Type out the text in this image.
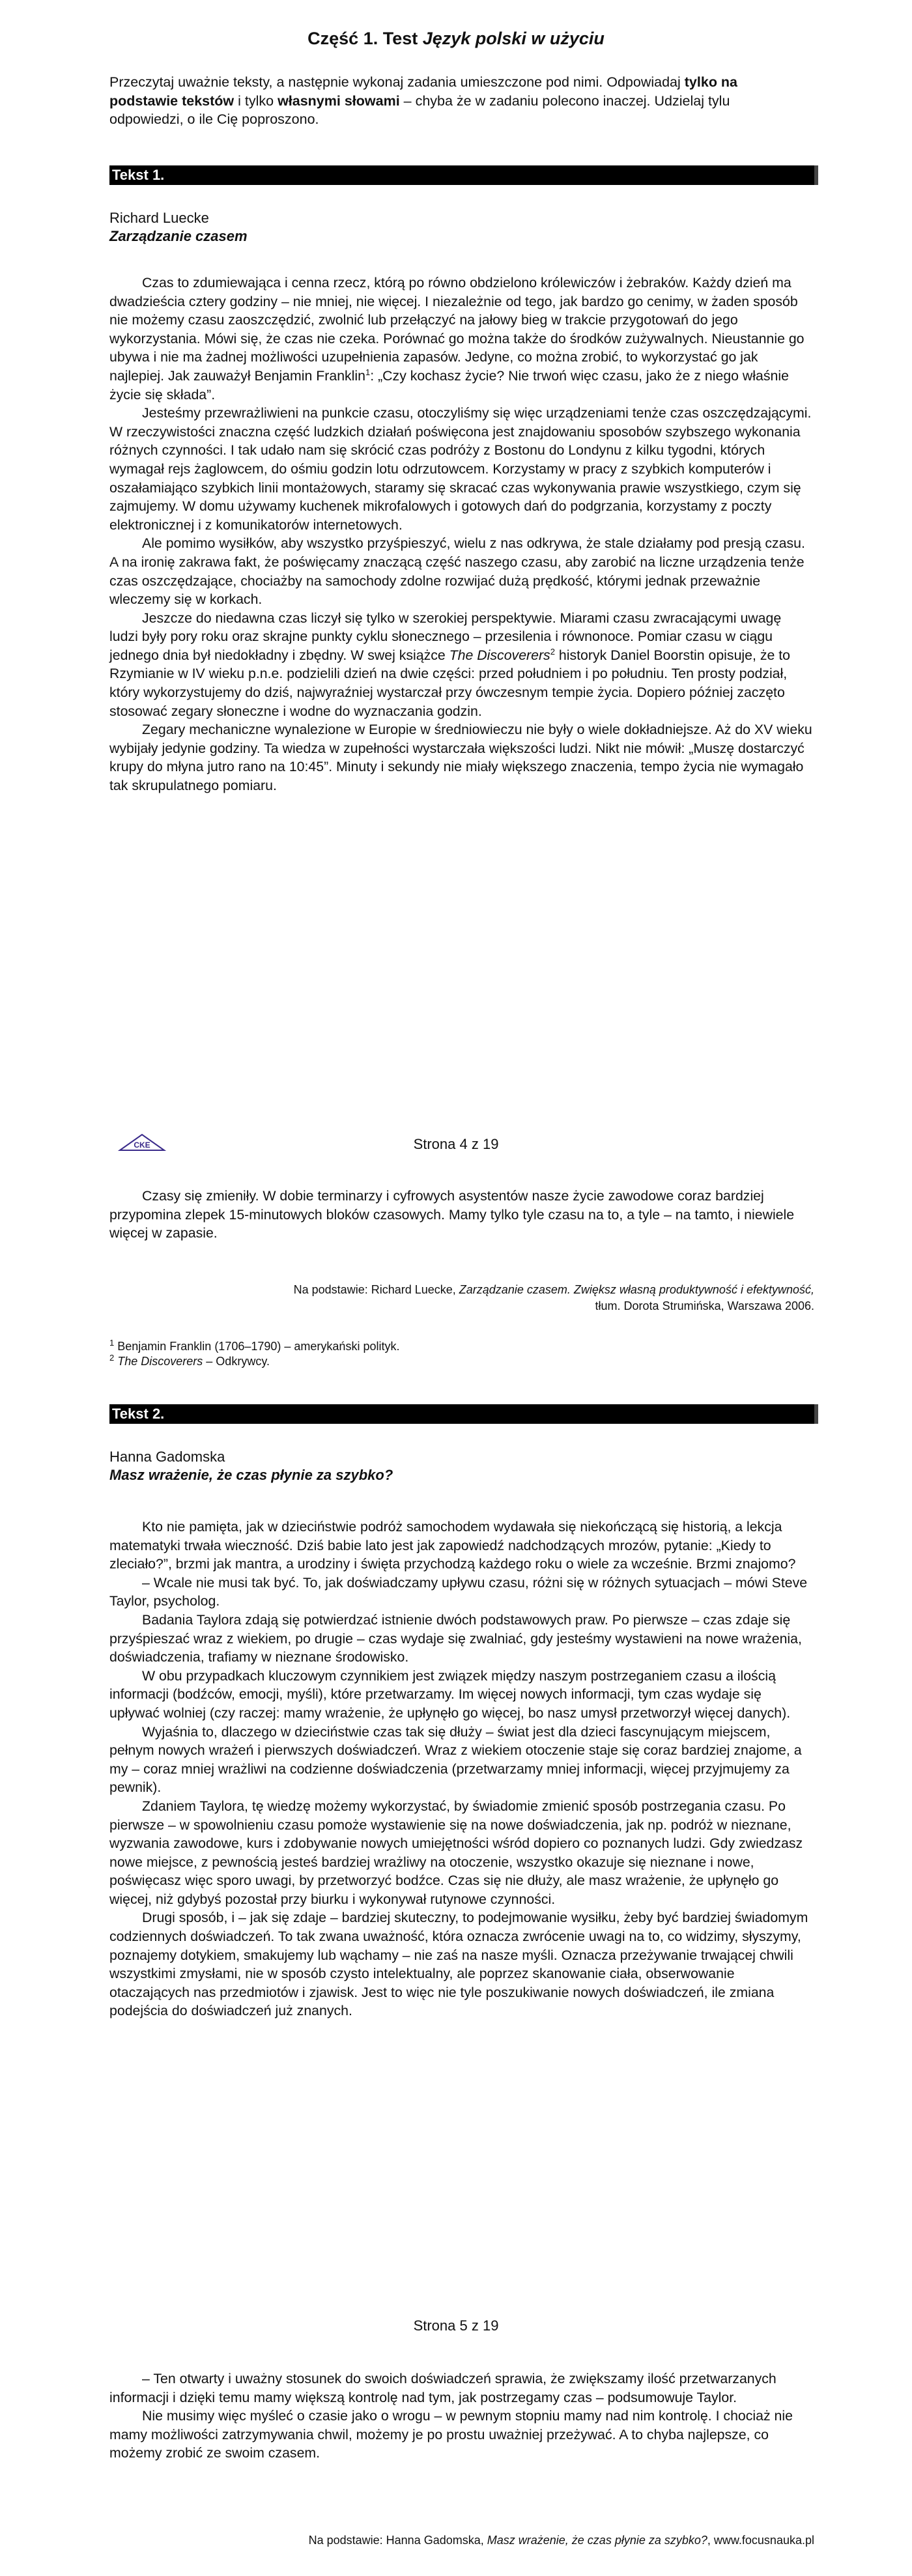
Część 1. Test Język polski w użyciu
Przeczytaj uważnie teksty, a następnie wykonaj zadania umieszczone pod nimi. Odpowiadaj tylko na podstawie tekstów i tylko własnymi słowami – chyba że w zadaniu polecono inaczej. Udzielaj tylu odpowiedzi, o ile Cię poproszono.
Tekst 1.
Richard Luecke
Zarządzanie czasem

Czas to zdumiewająca i cenna rzecz, którą po równo obdzielono królewiczów i żebraków. Każdy dzień ma dwadzieścia cztery godziny – nie mniej, nie więcej. I niezależnie od tego, jak bardzo go cenimy, w żaden sposób nie możemy czasu zaoszczędzić, zwolnić lub przełączyć na jałowy bieg w trakcie przygotowań do jego wykorzystania. Mówi się, że czas nie czeka. Porównać go można także do środków zużywalnych. Nieustannie go ubywa i nie ma żadnej możliwości uzupełnienia zapasów. Jedyne, co można zrobić, to wykorzystać go jak najlepiej. Jak zauważył Benjamin Franklin$^1$: „Czy kochasz życie? Nie trwoń więc czasu, jako że z niego właśnie życie się składa”.

Jesteśmy przewrażliwieni na punkcie czasu, otoczyliśmy się więc urządzeniami tenże czas oszczędzającymi. W rzeczywistości znaczna część ludzkich działań poświęcona jest znajdowaniu sposobów szybszego wykonania różnych czynności. I tak udało nam się skrócić czas podróży z Bostonu do Londynu z kilku tygodni, których wymagał rejs żaglowcem, do ośmiu godzin lotu odrzutowcem. Korzystamy w pracy z szybkich komputerów i oszałamiająco szybkich linii montażowych, staramy się skracać czas wykonywania prawie wszystkiego, czym się zajmujemy. W domu używamy kuchenek mikrofalowych i gotowych dań do podgrzania, korzystamy z poczty elektronicznej i z komunikatorów internetowych.

Ale pomimo wysiłków, aby wszystko przyśpieszyć, wielu z nas odkrywa, że stale działamy pod presją czasu. A na ironię zakrawa fakt, że poświęcamy znaczącą część naszego czasu, aby zarobić na liczne urządzenia tenże czas oszczędzające, chociażby na samochody zdolne rozwijać dużą prędkość, którymi jednak przeważnie wleczemy się w korkach.

Jeszcze do niedawna czas liczył się tylko w szerokiej perspektywie. Miarami czasu zwracającymi uwagę ludzi były pory roku oraz skrajne punkty cyklu słonecznego – przesilenia i równonoce. Pomiar czasu w ciągu jednego dnia był niedokładny i zbędny. W swej książce The Discoverers$^2$ historyk Daniel Boorstin opisuje, że to Rzymianie w IV wieku p.n.e. podzielili dzień na dwie części: przed południem i po południu. Ten prosty podział, który wykorzystujemy do dziś, najwyraźniej wystarczał przy ówczesnym tempie życia. Dopiero później zaczęto stosować zegary słoneczne i wodne do wyznaczania godzin.

Zegary mechaniczne wynalezione w Europie w średniowieczu nie były o wiele dokładniejsze. Aż do XV wieku wybijały jedynie godziny. Ta wiedza w zupełności wystarczała większości ludzi. Nikt nie mówił: „Muszę dostarczyć krupy do młyna jutro rano na 10:45”. Minuty i sekundy nie miały większego znaczenia, tempo życia nie wymagało tak skrupulatnego pomiaru.

CKE	Strona 4 z 19

Czasy się zmieniły. W dobie terminarzy i cyfrowych asystentów nasze życie zawodowe coraz bardziej przypomina zlepek 15-minutowych bloków czasowych. Mamy tylko tyle czasu na to, a tyle – na tamto, i niewiele więcej w zapasie.

Na podstawie: Richard Luecke, Zarządzanie czasem. Zwiększ własną produktywność i efektywność,
tłum. Dorota Strumińska, Warszawa 2006.
$^1$ Benjamin Franklin (1706–1790) – amerykański polityk.
$^2$ The Discoverers – Odkrywcy.
Tekst 2.
Hanna Gadomska
Masz wrażenie, że czas płynie za szybko?

Kto nie pamięta, jak w dzieciństwie podróż samochodem wydawała się niekończącą się historią, a lekcja matematyki trwała wieczność. Dziś babie lato jest jak zapowiedź nadchodzących mrozów, pytanie: „Kiedy to zleciało?”, brzmi jak mantra, a urodziny i święta przychodzą każdego roku o wiele za wcześnie. Brzmi znajomo?

– Wcale nie musi tak być. To, jak doświadczamy upływu czasu, różni się w różnych sytuacjach – mówi Steve Taylor, psycholog.

Badania Taylora zdają się potwierdzać istnienie dwóch podstawowych praw. Po pierwsze – czas zdaje się przyśpieszać wraz z wiekiem, po drugie – czas wydaje się zwalniać, gdy jesteśmy wystawieni na nowe wrażenia, doświadczenia, trafiamy w nieznane środowisko.

W obu przypadkach kluczowym czynnikiem jest związek między naszym postrzeganiem czasu a ilością informacji (bodźców, emocji, myśli), które przetwarzamy. Im więcej nowych informacji, tym czas wydaje się upływać wolniej (czy raczej: mamy wrażenie, że upłynęło go więcej, bo nasz umysł przetworzył więcej danych).

Wyjaśnia to, dlaczego w dzieciństwie czas tak się dłuży – świat jest dla dzieci fascynującym miejscem, pełnym nowych wrażeń i pierwszych doświadczeń. Wraz z wiekiem otoczenie staje się coraz bardziej znajome, a my – coraz mniej wrażliwi na codzienne doświadczenia (przetwarzamy mniej informacji, więcej przyjmujemy za pewnik).

Zdaniem Taylora, tę wiedzę możemy wykorzystać, by świadomie zmienić sposób postrzegania czasu. Po pierwsze – w spowolnieniu czasu pomoże wystawienie się na nowe doświadczenia, jak np. podróż w nieznane, wyzwania zawodowe, kurs i zdobywanie nowych umiejętności wśród dopiero co poznanych ludzi. Gdy zwiedzasz nowe miejsce, z pewnością jesteś bardziej wrażliwy na otoczenie, wszystko okazuje się nieznane i nowe, poświęcasz więc sporo uwagi, by przetworzyć bodźce. Czas się nie dłuży, ale masz wrażenie, że upłynęło go więcej, niż gdybyś pozostał przy biurku i wykonywał rutynowe czynności.

Drugi sposób, i – jak się zdaje – bardziej skuteczny, to podejmowanie wysiłku, żeby być bardziej świadomym codziennych doświadczeń. To tak zwana uważność, która oznacza zwrócenie uwagi na to, co widzimy, słyszymy, poznajemy dotykiem, smakujemy lub wąchamy – nie zaś na nasze myśli. Oznacza przeżywanie trwającej chwili wszystkimi zmysłami, nie w sposób czysto intelektualny, ale poprzez skanowanie ciała, obserwowanie otaczających nas przedmiotów i zjawisk. Jest to więc nie tyle poszukiwanie nowych doświadczeń, ile zmiana podejścia do doświadczeń już znanych.

Strona 5 z 19

– Ten otwarty i uważny stosunek do swoich doświadczeń sprawia, że zwiększamy ilość przetwarzanych informacji i dzięki temu mamy większą kontrolę nad tym, jak postrzegamy czas – podsumowuje Taylor.

Nie musimy więc myśleć o czasie jako o wrogu – w pewnym stopniu mamy nad nim kontrolę. I chociaż nie mamy możliwości zatrzymywania chwil, możemy je po prostu uważniej przeżywać. A to chyba najlepsze, co możemy zrobić ze swoim czasem.

Na podstawie: Hanna Gadomska, Masz wrażenie, że czas płynie za szybko?, www.focusnauka.pl
